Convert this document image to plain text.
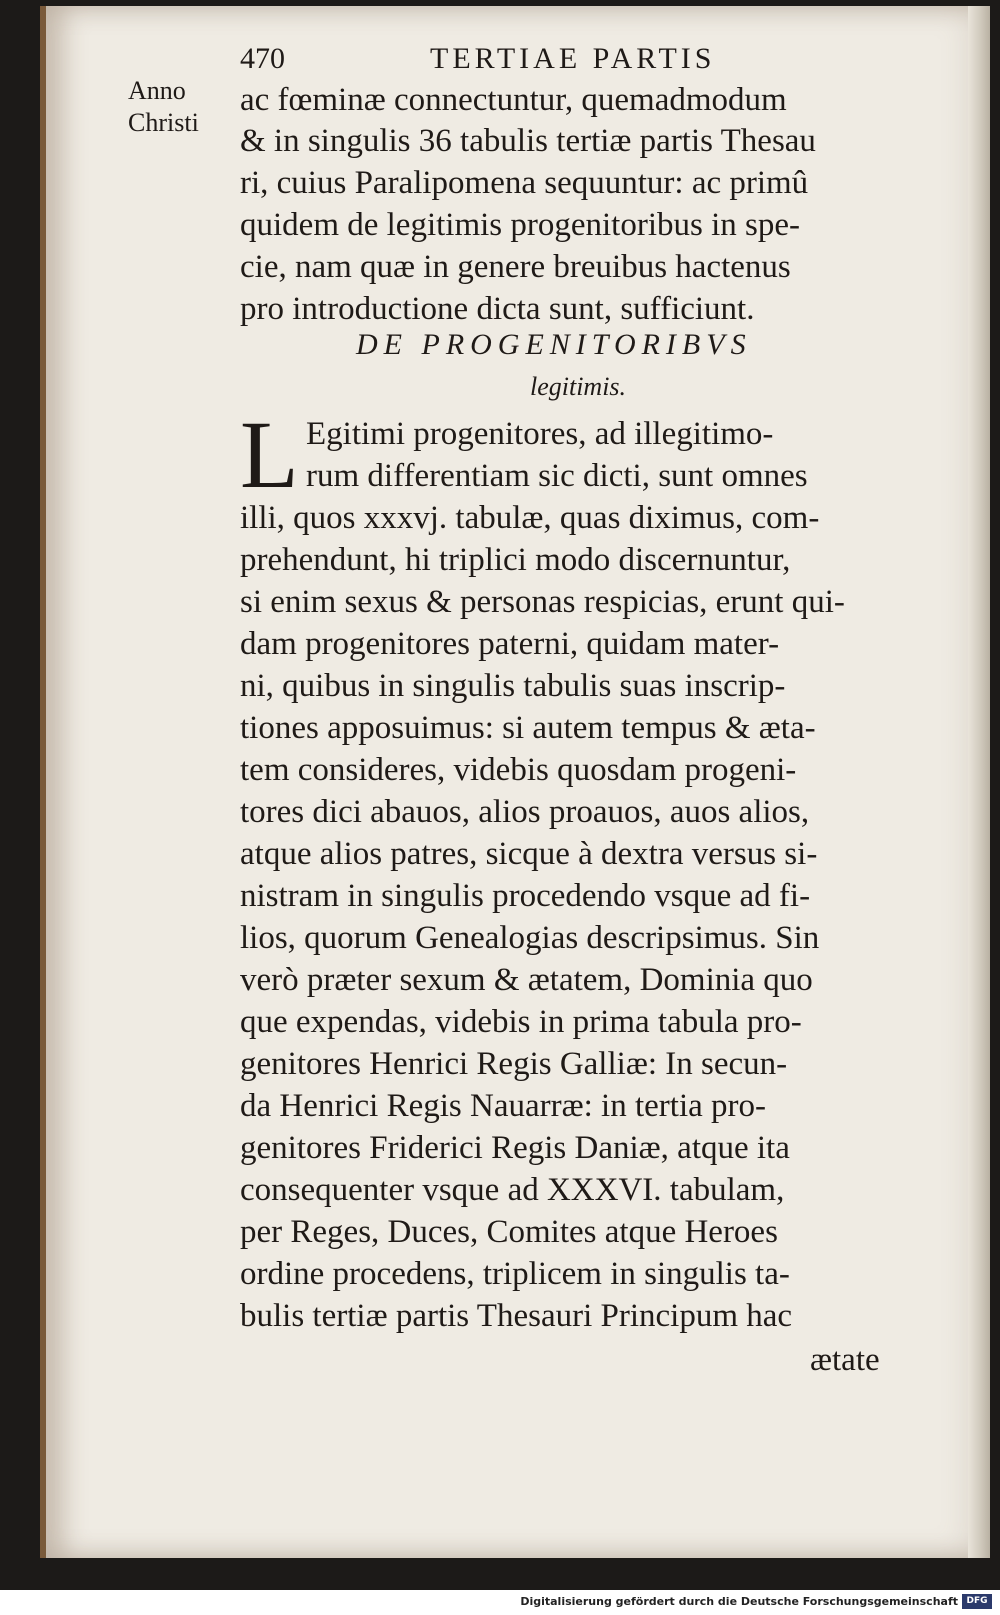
470	TERTIAE PARTIS
Anno
Christi
ac fœminæ connectuntur, quemadmodum
& in singulis 36 tabulis tertiæ partis Thesau
ri, cuius Paralipomena sequuntur: ac primû
quidem de legitimis progenitoribus in spe-
cie, nam quæ in genere breuibus hactenus
pro introductione dicta sunt, sufficiunt.
DE PROGENITORIBVS
legitimis.
L Egitimi progenitores, ad illegitimo-
rum differentiam sic dicti, sunt omnes
illi, quos xxxvj. tabulæ, quas diximus, com-
prehendunt, hi triplici modo discernuntur,
si enim sexus & personas respicias, erunt qui-
dam progenitores paterni, quidam mater-
ni, quibus in singulis tabulis suas inscrip-
tiones apposuimus: si autem tempus & æta-
tem consideres, videbis quosdam progeni-
tores dici abauos, alios proauos, auos alios,
atque alios patres, sicque à dextra versus si-
nistram in singulis procedendo vsque ad fi-
lios, quorum Genealogias descripsimus. Sin
verò præter sexum & ætatem, Dominia quo
que expendas, videbis in prima tabula pro-
genitores Henrici Regis Galliæ: In secun-
da Henrici Regis Nauarræ: in tertia pro-
genitores Friderici Regis Daniæ, atque ita
consequenter vsque ad XXXVI. tabulam,
per Reges, Duces, Comites atque Heroes
ordine procedens, triplicem in singulis ta-
bulis tertiæ partis Thesauri Principum hac
ætate
Digitalisierung gefördert durch die Deutsche Forschungsgemeinschaft DFG
